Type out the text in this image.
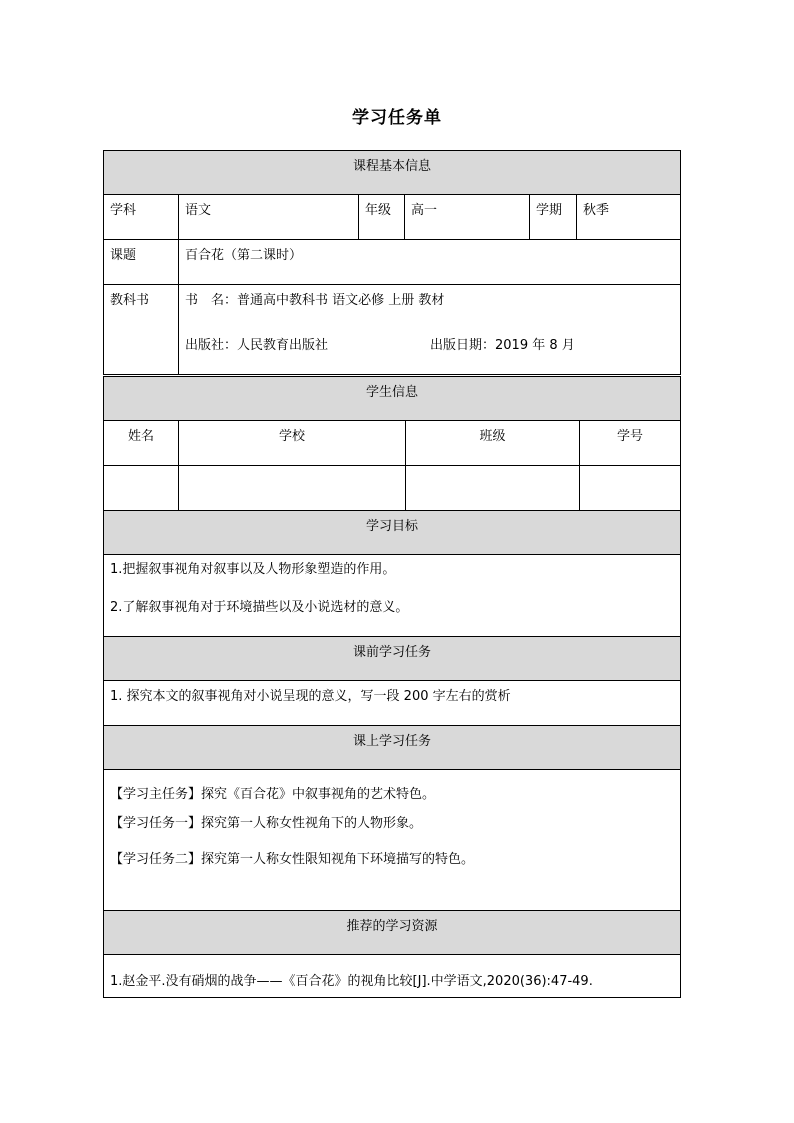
学习任务单
课程基本信息					
学科	语文	年级	高一	学期	秋季
课题	百合花（第二课时）				
教科书	书　名：普通高中教科书 语文必修 上册 教材
出版社：人民教育出版社 出版日期：2019 年 8 月				
学生信息			
姓名	学校	班级	学号

学习目标			

1.把握叙事视角对叙事以及人物形象塑造的作用。
2.了解叙事视角对于环境描些以及小说选材的意义。			

课前学习任务			
1. 探究本文的叙事视角对小说呈现的意义，写一段 200 字左右的赏析			
课上学习任务			

【学习主任务】探究《百合花》中叙事视角的艺术特色。
【学习任务一】探究第一人称女性视角下的人物形象。
【学习任务二】探究第一人称女性限知视角下环境描写的特色。			

推荐的学习资源			
1.赵金平.没有硝烟的战争——《百合花》的视角比较[J].中学语文,2020(36):47-49.			
